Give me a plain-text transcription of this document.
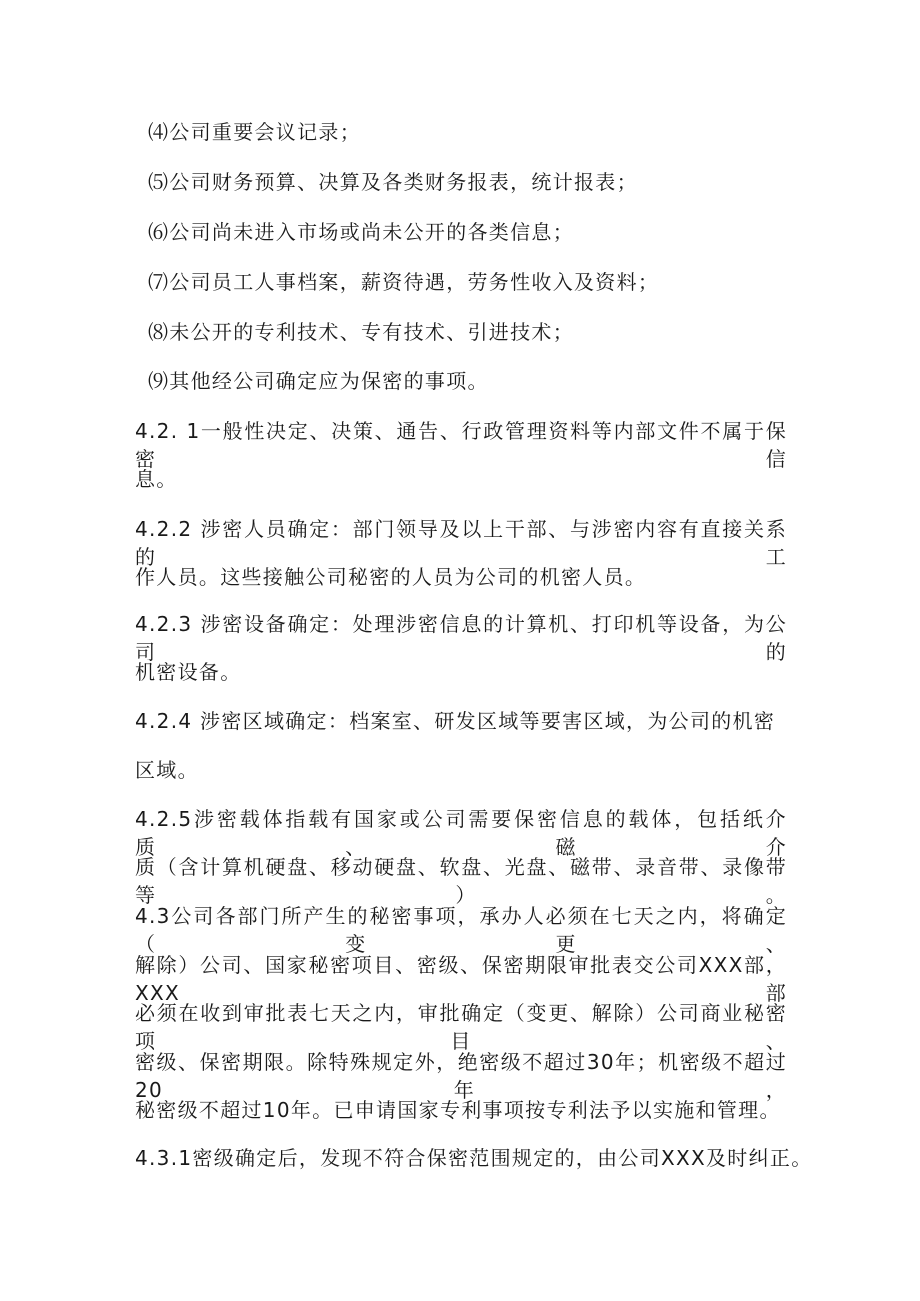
⑷公司重要会议记录；
⑸公司财务预算、决算及各类财务报表，统计报表；
⑹公司尚未进入市场或尚未公开的各类信息；
⑺公司员工人事档案，薪资待遇，劳务性收入及资料；
⑻未公开的专利技术、专有技术、引进技术；
⑼其他经公司确定应为保密的事项。
4.2. 1一般性决定、决策、通告、行政管理资料等内部文件不属于保密信
息。
4.2.2 涉密人员确定：部门领导及以上干部、与涉密内容有直接关系的工
作人员。这些接触公司秘密的人员为公司的机密人员。
4.2.3 涉密设备确定：处理涉密信息的计算机、打印机等设备，为公司的
机密设备。
4.2.4 涉密区域确定：档案室、研发区域等要害区域，为公司的机密
区域。
4.2.5涉密载体指载有国家或公司需要保密信息的载体，包括纸介质、磁介
质（含计算机硬盘、移动硬盘、软盘、光盘、磁带、录音带、录像带等）。
4.3公司各部门所产生的秘密事项，承办人必须在七天之内，将确定（变更、
解除）公司、国家秘密项目、密级、保密期限审批表交公司XXX部，XXX部
必须在收到审批表七天之内，审批确定（变更、解除）公司商业秘密项目、
密级、保密期限。除特殊规定外，绝密级不超过30年；机密级不超过20年，
秘密级不超过10年。已申请国家专利事项按专利法予以实施和管理。
4.3.1密级确定后，发现不符合保密范围规定的，由公司XXX及时纠正。
